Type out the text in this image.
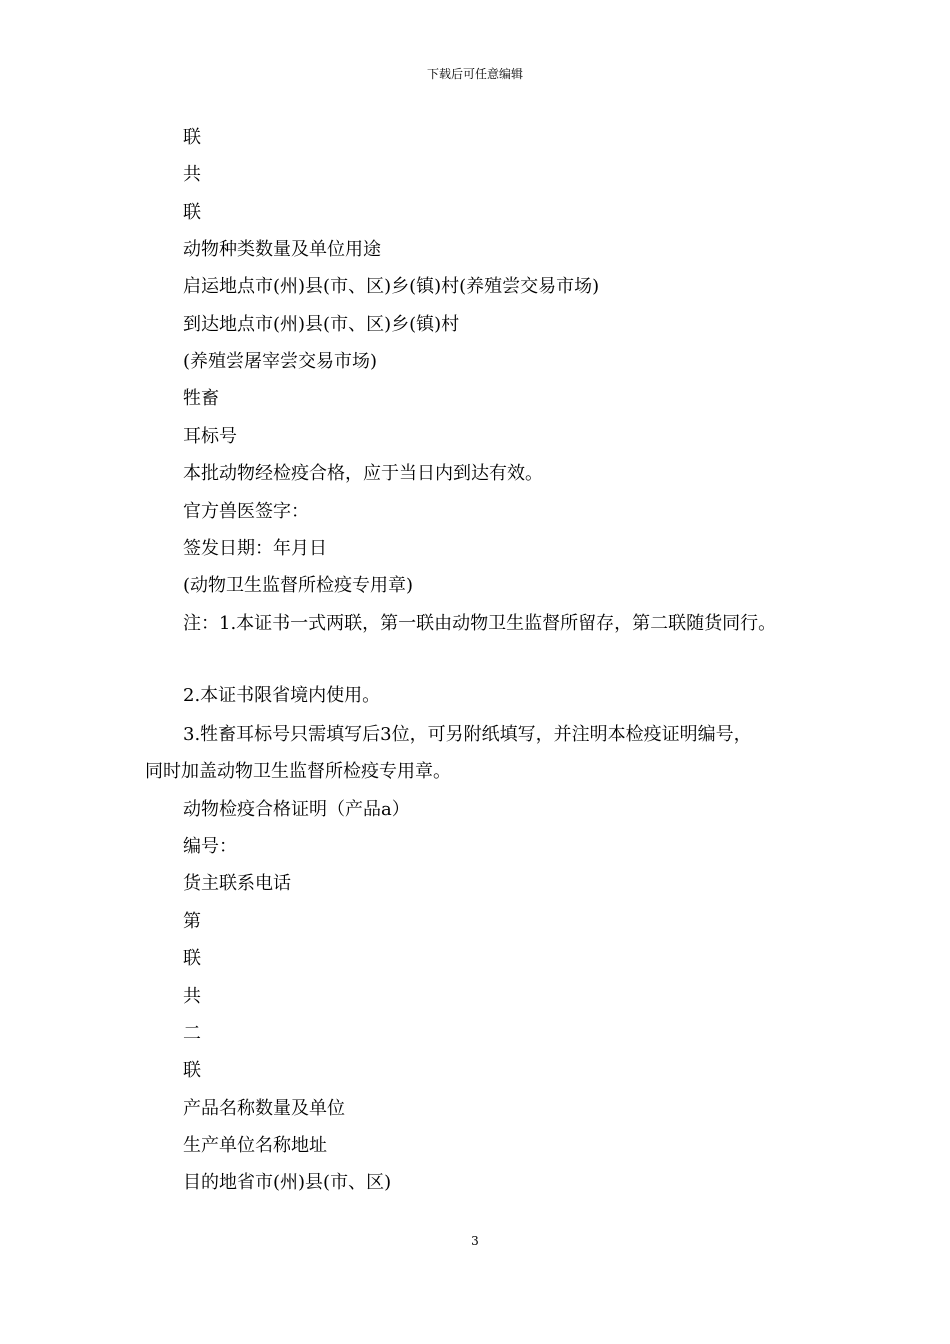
下载后可任意编辑
联
共
联
动物种类数量及单位用途
启运地点市(州)县(市、区)乡(镇)村(养殖尝交易市场)
到达地点市(州)县(市、区)乡(镇)村
(养殖尝屠宰尝交易市场)
牲畜
耳标号
本批动物经检疫合格，应于当日内到达有效。
官方兽医签字：
签发日期：年月日
(动物卫生监督所检疫专用章)
注：1.本证书一式两联，第一联由动物卫生监督所留存，第二联随货同行。
2.本证书限省境内使用。
3.牲畜耳标号只需填写后3位，可另附纸填写，并注明本检疫证明编号，
同时加盖动物卫生监督所检疫专用章。
动物检疫合格证明（产品a）
编号：
货主联系电话
第
联
共
二
联
产品名称数量及单位
生产单位名称地址
目的地省市(州)县(市、区)
3
